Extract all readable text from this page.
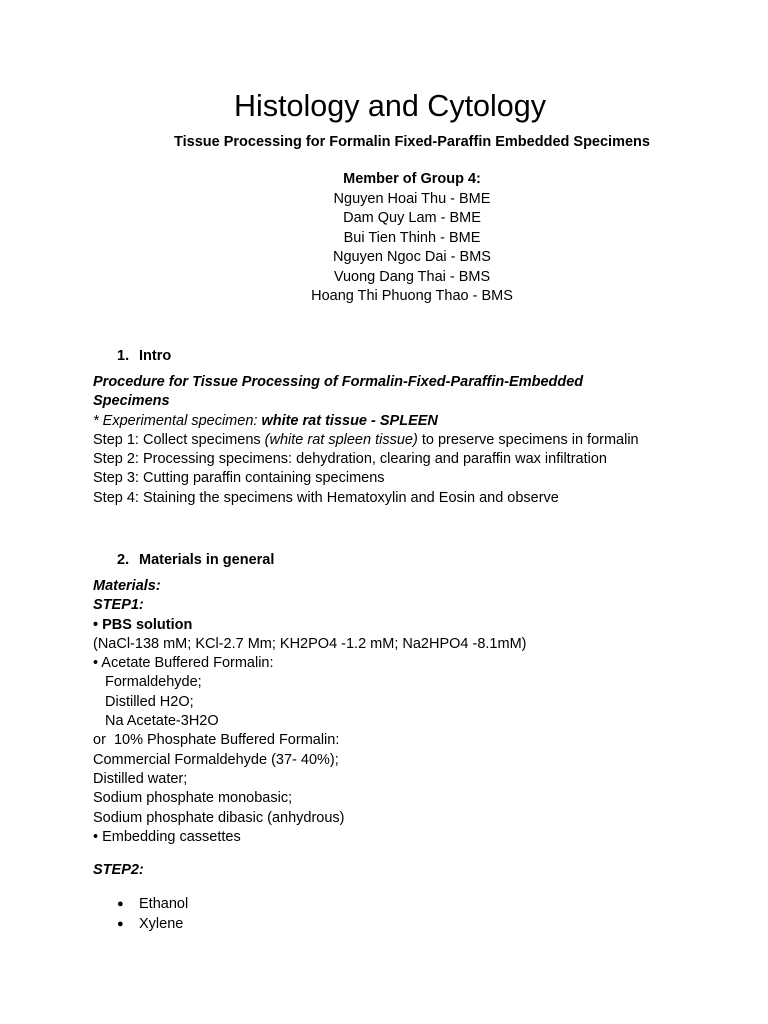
Histology and Cytology
Tissue Processing for Formalin Fixed-Paraffin Embedded Specimens
Member of Group 4:
Nguyen Hoai Thu - BME
Dam Quy Lam - BME
Bui Tien Thinh - BME
Nguyen Ngoc Dai - BMS
Vuong Dang Thai - BMS
Hoang Thi Phuong Thao - BMS
1. Intro
Procedure for Tissue Processing of Formalin-Fixed-Paraffin-Embedded
Specimens
* Experimental specimen: white rat tissue - SPLEEN
Step 1: Collect specimens (white rat spleen tissue) to preserve specimens in formalin
Step 2: Processing specimens: dehydration, clearing and paraffin wax infiltration
Step 3: Cutting paraffin containing specimens
Step 4: Staining the specimens with Hematoxylin and Eosin and observe
2. Materials in general
Materials:
STEP1:
• PBS solution
(NaCl-138 mM; KCl-2.7 Mm; KH2PO4 -1.2 mM; Na2HPO4 -8.1mM)
• Acetate Buffered Formalin:
Formaldehyde;
Distilled H2O;
Na Acetate-3H2O
or  10% Phosphate Buffered Formalin:
Commercial Formaldehyde (37- 40%);
Distilled water;
Sodium phosphate monobasic;
Sodium phosphate dibasic (anhydrous)
• Embedding cassettes
STEP2:
● Ethanol
● Xylene
